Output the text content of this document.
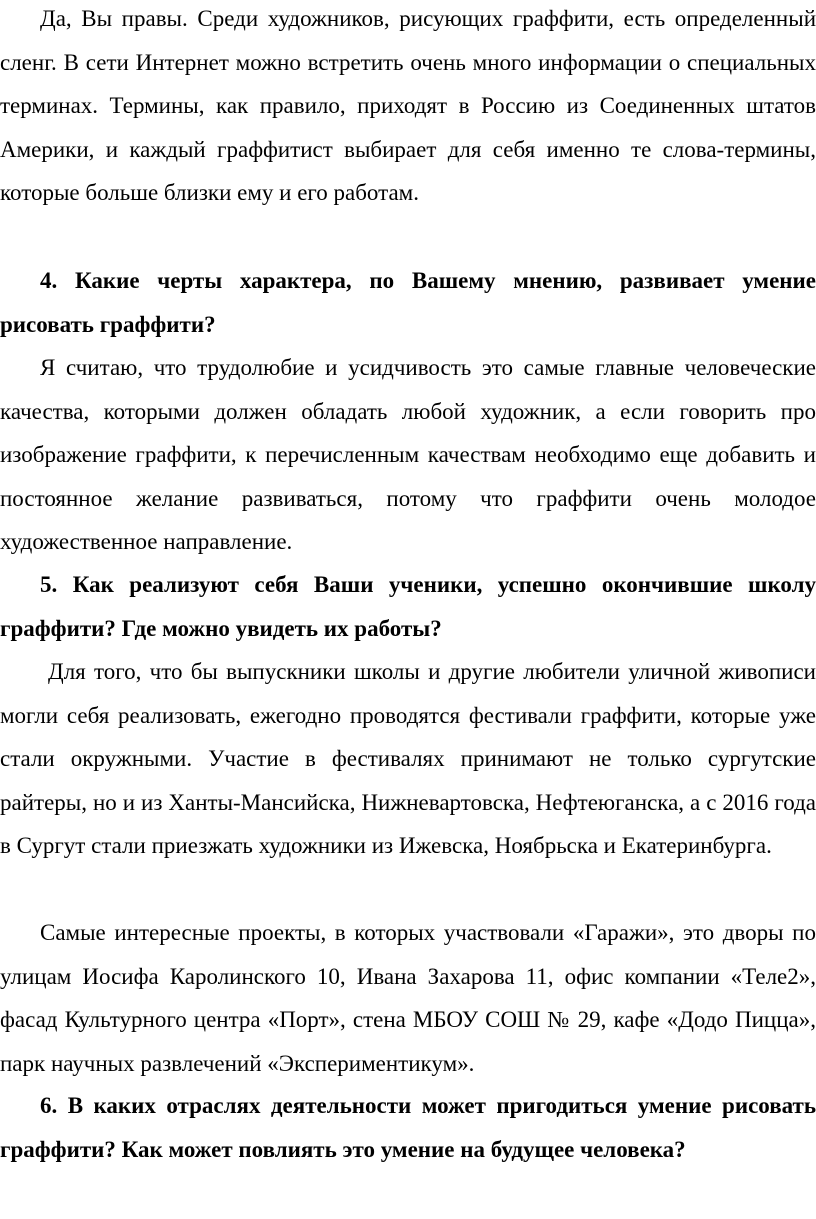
Да, Вы правы. Среди художников, рисующих граффити, есть определенный сленг. В сети Интернет можно встретить очень много информации о специальных терминах. Термины, как правило, приходят в Россию из Соединенных штатов Америки, и каждый граффитист выбирает для себя именно те слова-термины, которые больше близки ему и его работам.

4. Какие черты характера, по Вашему мнению, развивает умение рисовать граффити?

Я считаю, что трудолюбие и усидчивость это самые главные человеческие качества, которыми должен обладать любой художник, а если говорить про изображение граффити, к перечисленным качествам необходимо еще добавить и постоянное желание развиваться, потому что граффити очень молодое художественное направление.

5. Как реализуют себя Ваши ученики, успешно окончившие школу граффити? Где можно увидеть их работы?

Для того, что бы выпускники школы и другие любители уличной живописи могли себя реализовать, ежегодно проводятся фестивали граффити, которые уже стали окружными. Участие в фестивалях принимают не только сургутские райтеры, но и из Ханты-Мансийска, Нижневартовска, Нефтеюганска, а с 2016 года в Сургут стали приезжать художники из Ижевска, Ноябрьска и Екатеринбурга.

Самые интересные проекты, в которых участвовали «Гаражи», это дворы по улицам Иосифа Каролинского 10, Ивана Захарова 11, офис компании «Теле2», фасад Культурного центра «Порт», стена МБОУ СОШ № 29, кафе «Додо Пицца», парк научных развлечений «Экспериментикум».

6. В каких отраслях деятельности может пригодиться умение рисовать граффити? Как может повлиять это умение на будущее человека?
